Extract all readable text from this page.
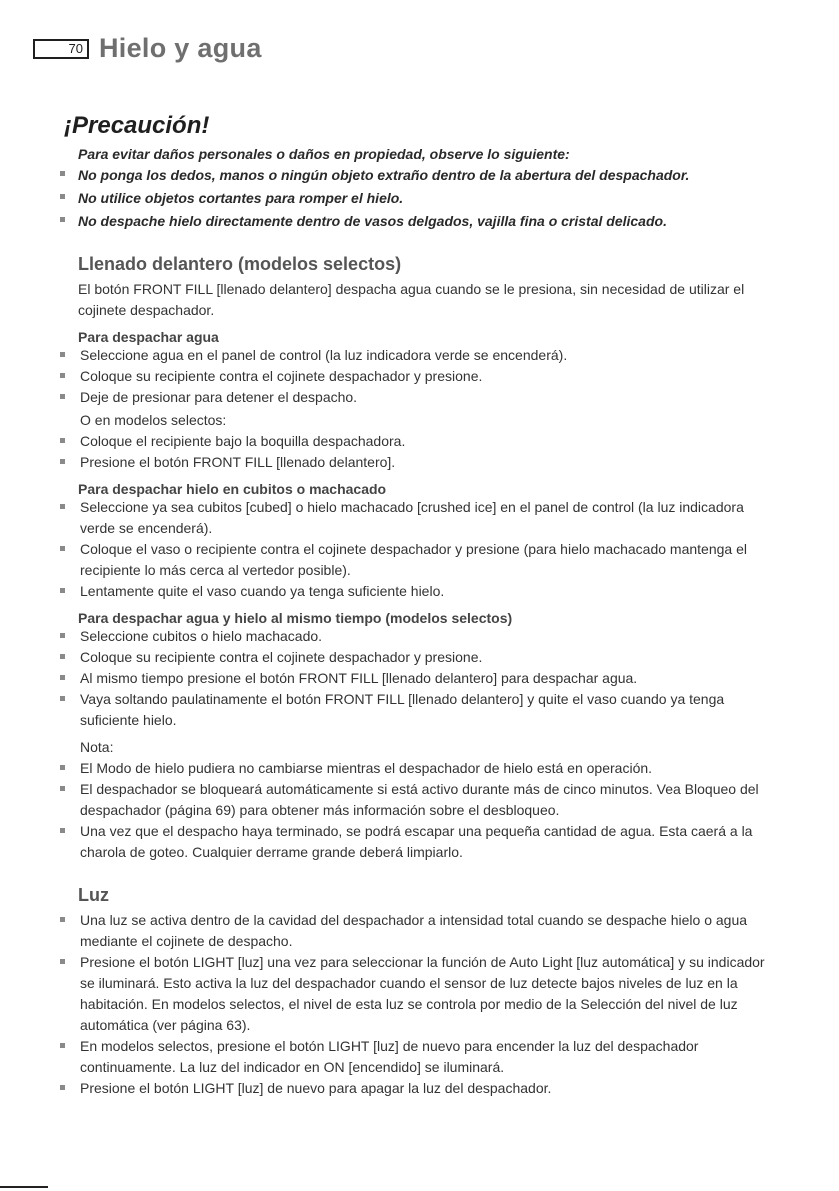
70 Hielo y agua
¡Precaución!
Para evitar daños personales o daños en propiedad, observe lo siguiente:
No ponga los dedos, manos o ningún objeto extraño dentro de la abertura del despachador.
No utilice objetos cortantes para romper el hielo.
No despache hielo directamente dentro de vasos delgados, vajilla fina o cristal delicado.
Llenado delantero (modelos selectos)
El botón FRONT FILL [llenado delantero] despacha agua cuando se le presiona, sin necesidad de utilizar el cojinete despachador.
Para despachar agua
Seleccione agua en el panel de control (la luz indicadora verde se encenderá).
Coloque su recipiente contra el cojinete despachador y presione.
Deje de presionar para detener el despacho.
O en modelos selectos:
Coloque el recipiente bajo la boquilla despachadora.
Presione el botón FRONT FILL [llenado delantero].
Para despachar hielo en cubitos o machacado
Seleccione ya sea cubitos [cubed] o hielo machacado [crushed ice] en el panel de control (la luz indicadora verde se encenderá).
Coloque el vaso o recipiente contra el cojinete despachador y presione (para hielo machacado mantenga el recipiente lo más cerca al vertedor posible).
Lentamente quite el vaso cuando ya tenga suficiente hielo.
Para despachar agua y hielo al mismo tiempo (modelos selectos)
Seleccione cubitos o hielo machacado.
Coloque su recipiente contra el cojinete despachador y presione.
Al mismo tiempo presione el botón FRONT FILL [llenado delantero] para despachar agua.
Vaya soltando paulatinamente el botón FRONT FILL [llenado delantero] y quite el vaso cuando ya tenga suficiente hielo.
Nota:
El Modo de hielo pudiera no cambiarse mientras el despachador de hielo está en operación.
El despachador se bloqueará automáticamente si está activo durante más de cinco minutos. Vea Bloqueo del despachador (página 69) para obtener más información sobre el desbloqueo.
Una vez que el despacho haya terminado, se podrá escapar una pequeña cantidad de agua. Esta caerá a la charola de goteo. Cualquier derrame grande deberá limpiarlo.
Luz
Una luz se activa dentro de la cavidad del despachador a intensidad total cuando se despache hielo o agua mediante el cojinete de despacho.
Presione el botón LIGHT [luz] una vez para seleccionar la función de Auto Light [luz automática] y su indicador se iluminará. Esto activa la luz del despachador cuando el sensor de luz detecte bajos niveles de luz en la habitación. En modelos selectos, el nivel de esta luz se controla por medio de la Selección del nivel de luz automática (ver página 63).
En modelos selectos, presione el botón LIGHT [luz] de nuevo para encender la luz del despachador continuamente. La luz del indicador en ON [encendido] se iluminará.
Presione el botón LIGHT [luz] de nuevo para apagar la luz del despachador.
